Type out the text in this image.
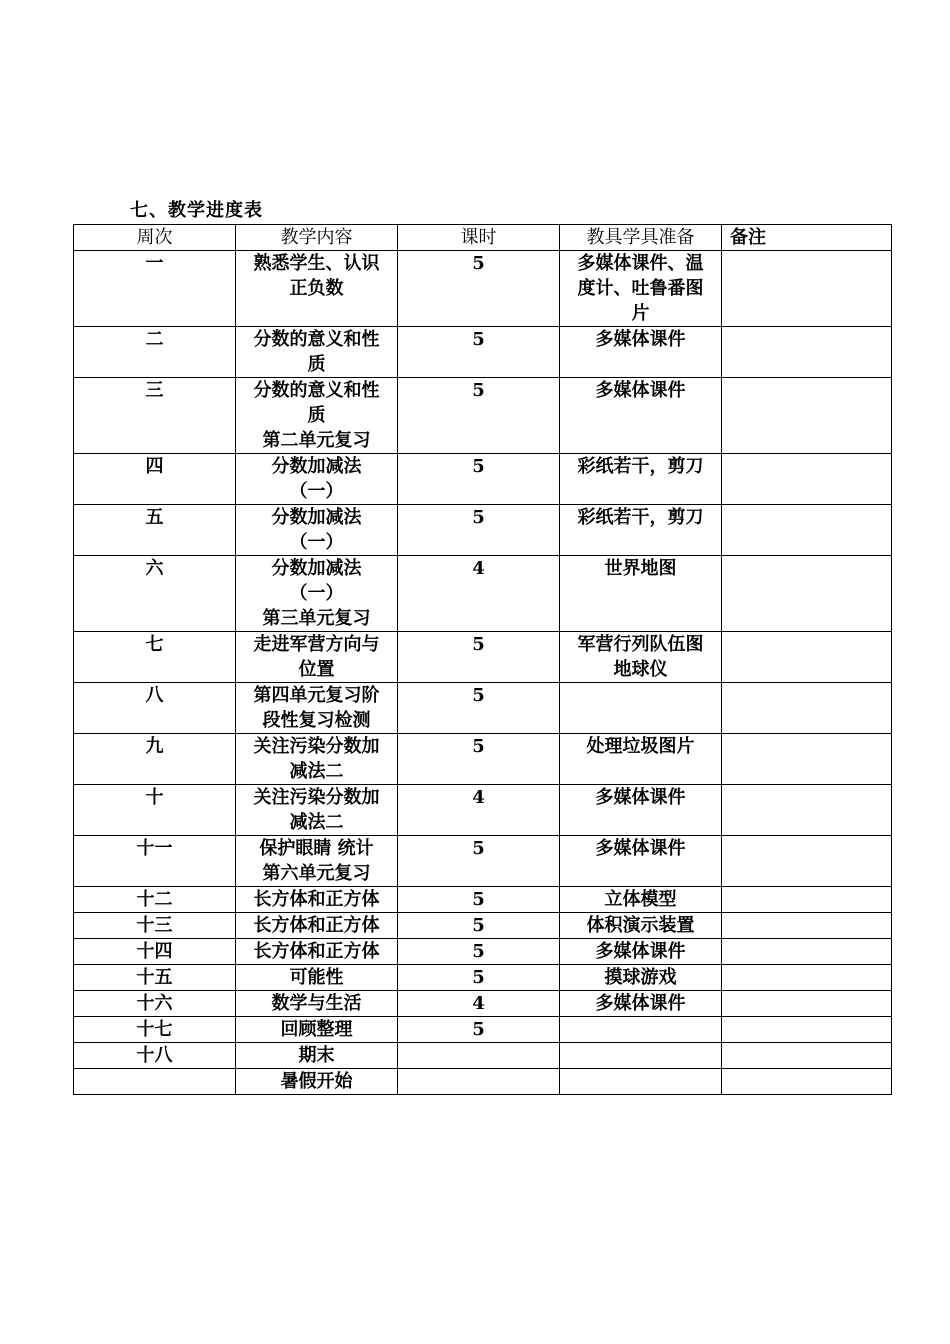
七、教学进度表
周次	教学内容	课时	教具学具准备	备注

一	熟悉学生、认识
正负数	5	多媒体课件、温
度计、吐鲁番图
片	

二	分数的意义和性
质	5	多媒体课件	

三	分数的意义和性
质
第二单元复习	5	多媒体课件	

四	分数加减法
（一）	5	彩纸若干，剪刀	

五	分数加减法
（一）	5	彩纸若干，剪刀	

六	分数加减法
（一）
第三单元复习	4	世界地图	

七	走进军营方向与
位置	5	军营行列队伍图
地球仪	

八	第四单元复习阶
段性复习检测	5		

九	关注污染分数加
减法二	5	处理垃圾图片	

十	关注污染分数加
减法二	4	多媒体课件	

十一	保护眼睛 统计
第六单元复习	5	多媒体课件	

十二	长方体和正方体	5	立体模型	

十三	长方体和正方体	5	体积演示装置	

十四	长方体和正方体	5	多媒体课件	

十五	可能性	5	摸球游戏	

十六	数学与生活	4	多媒体课件	

十七	回顾整理	5		

十八	期末			

	暑假开始			
